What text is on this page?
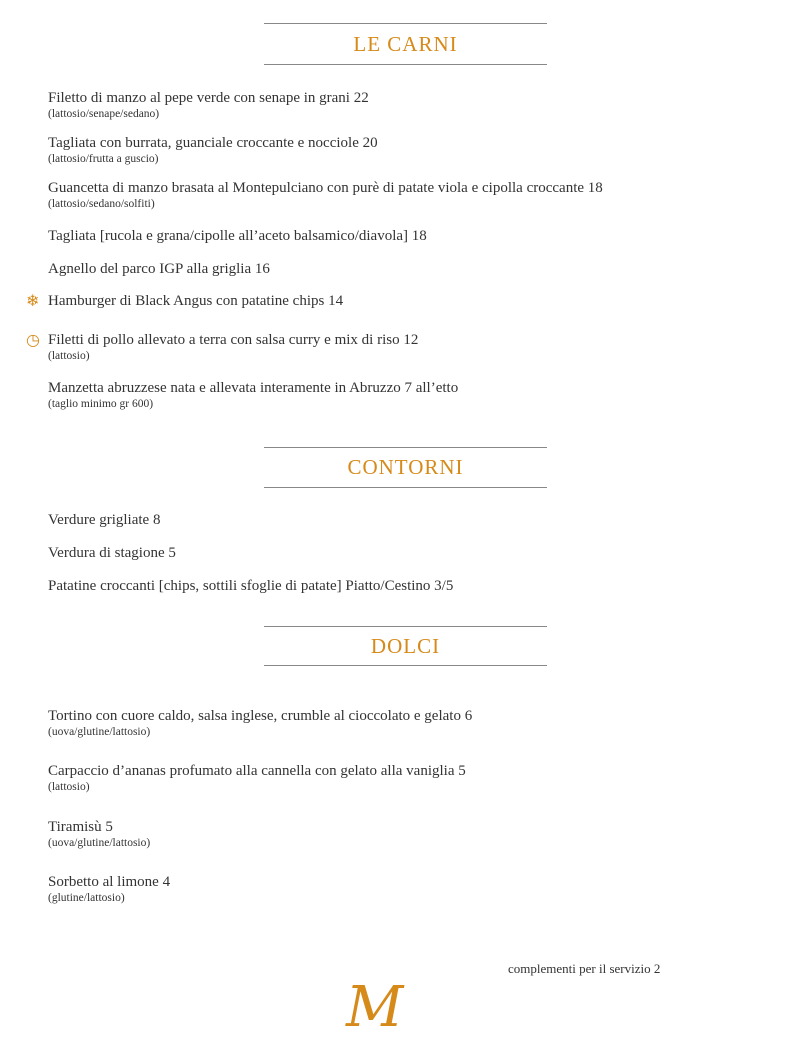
LE CARNI
Filetto di manzo al pepe verde con senape in grani 22
(lattosio/senape/sedano)
Tagliata con burrata, guanciale croccante e nocciole 20
(lattosio/frutta a guscio)
Guancetta di manzo brasata al Montepulciano con purè di patate viola e cipolla croccante 18
(lattosio/sedano/solfiti)
Tagliata [rucola e grana/cipolle all’aceto balsamico/diavola] 18
Agnello del parco IGP alla griglia 16
❄ Hamburger di Black Angus con patatine chips 14
◷ Filetti di pollo allevato a terra con salsa curry e mix di riso 12
(lattosio)
Manzetta abruzzese nata e allevata interamente in Abruzzo 7 all’etto
(taglio minimo gr 600)
CONTORNI
Verdure grigliate 8
Verdura di stagione 5
Patatine croccanti [chips, sottili sfoglie di patate] Piatto/Cestino 3/5
DOLCI
Tortino con cuore caldo, salsa inglese, crumble al cioccolato e gelato 6
(uova/glutine/lattosio)
Carpaccio d’ananas profumato alla cannella con gelato alla vaniglia 5
(lattosio)
Tiramisù 5
(uova/glutine/lattosio)
Sorbetto al limone 4
(glutine/lattosio)
complementi per il servizio 2
M
